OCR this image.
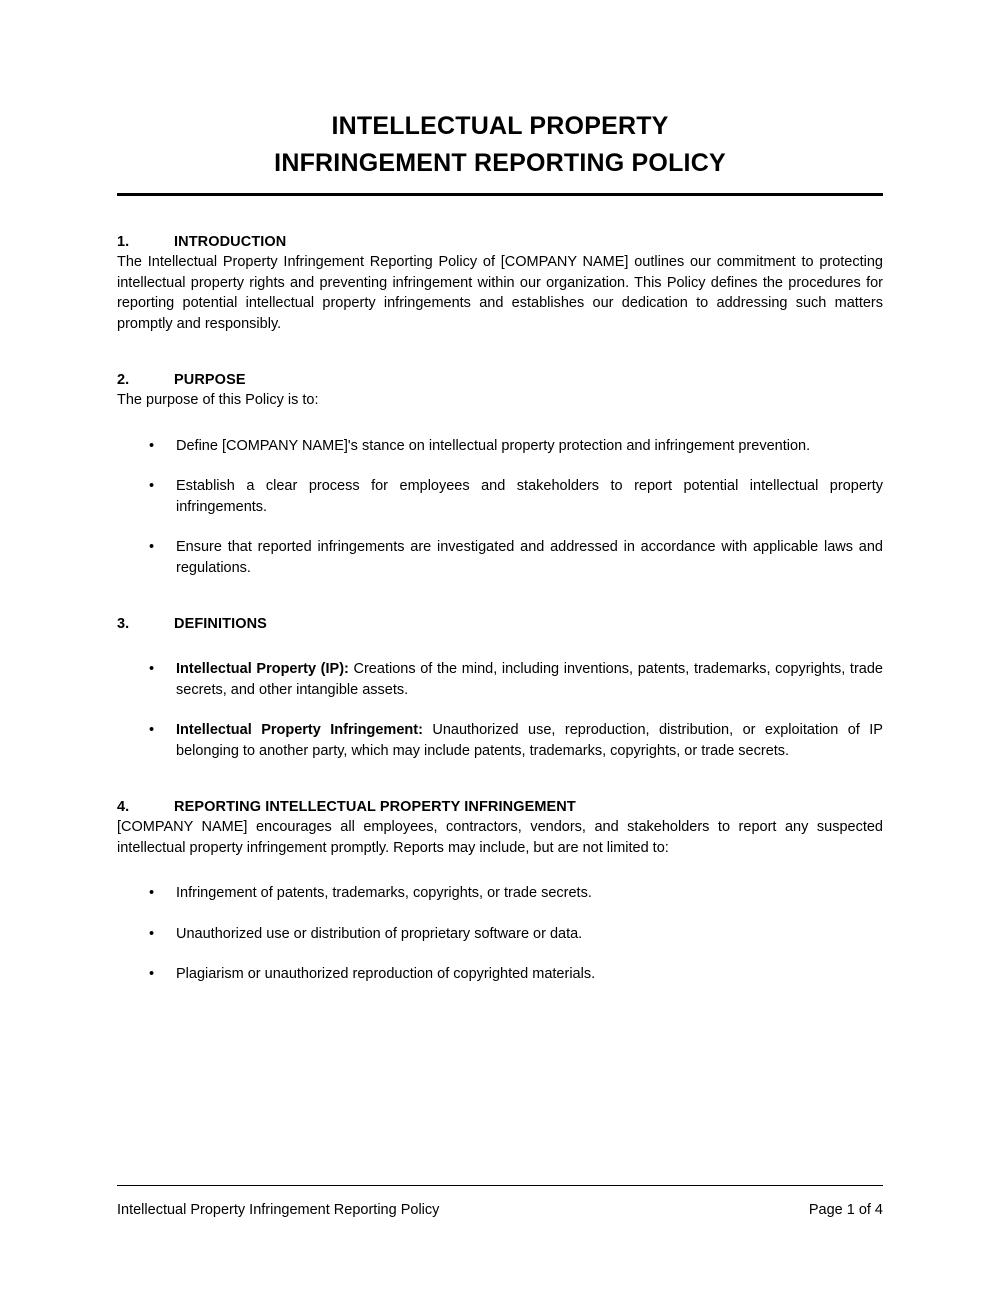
INTELLECTUAL PROPERTY
INFRINGEMENT REPORTING POLICY
1.	INTRODUCTION

The Intellectual Property Infringement Reporting Policy of [COMPANY NAME] outlines our commitment to protecting intellectual property rights and preventing infringement within our organization. This Policy defines the procedures for reporting potential intellectual property infringements and establishes our dedication to addressing such matters promptly and responsibly.

2.	PURPOSE

The purpose of this Policy is to:

• Define [COMPANY NAME]'s stance on intellectual property protection and infringement prevention.
• Establish a clear process for employees and stakeholders to report potential intellectual property infringements.
• Ensure that reported infringements are investigated and addressed in accordance with applicable laws and regulations.
3.	DEFINITIONS
• Intellectual Property (IP): Creations of the mind, including inventions, patents, trademarks, copyrights, trade secrets, and other intangible assets.
• Intellectual Property Infringement: Unauthorized use, reproduction, distribution, or exploitation of IP belonging to another party, which may include patents, trademarks, copyrights, or trade secrets.
4.	REPORTING INTELLECTUAL PROPERTY INFRINGEMENT

[COMPANY NAME] encourages all employees, contractors, vendors, and stakeholders to report any suspected intellectual property infringement promptly. Reports may include, but are not limited to:

• Infringement of patents, trademarks, copyrights, or trade secrets.
• Unauthorized use or distribution of proprietary software or data.
• Plagiarism or unauthorized reproduction of copyrighted materials.
Intellectual Property Infringement Reporting Policy	Page 1 of 4
